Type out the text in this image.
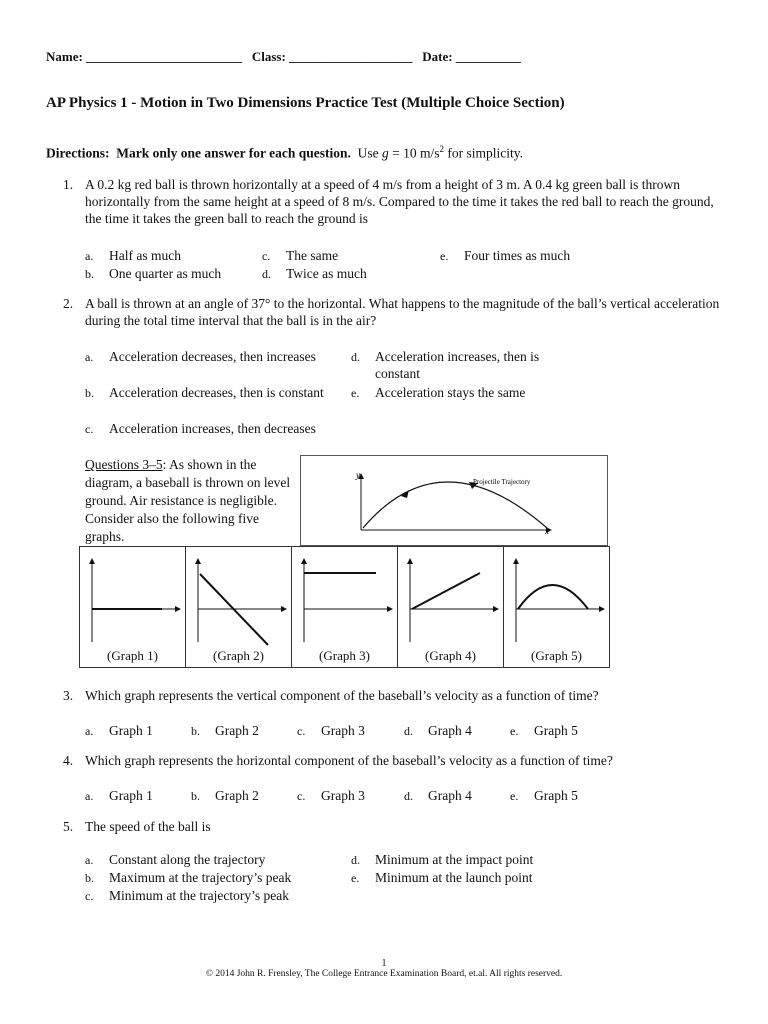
Name: ________________________ Class: ___________________ Date: __________
AP Physics 1 - Motion in Two Dimensions Practice Test (Multiple Choice Section)
Directions: Mark only one answer for each question. Use g = 10 $m/s^2$ for simplicity.
1. A 0.2 kg red ball is thrown horizontally at a speed of 4 m/s from a height of 3 m. A 0.4 kg green ball is thrown horizontally from the same height at a speed of 8 m/s. Compared to the time it takes the red ball to reach the ground, the time it takes the green ball to reach the ground is
a. Half as much
b. One quarter as much
c. The same
d. Twice as much
e. Four times as much
2. A ball is thrown at an angle of 37° to the horizontal. What happens to the magnitude of the ball’s vertical acceleration during the total time interval that the ball is in the air?
a. Acceleration decreases, then increases
b. Acceleration decreases, then is constant
c. Acceleration increases, then decreases
d. Acceleration increases, then is constant
e. Acceleration stays the same
Questions 3–5: As shown in the diagram, a baseball is thrown on level ground. Air resistance is negligible. Consider also the following five graphs.
y
x
Projectile Trajectory
(Graph 1)	(Graph 2)	(Graph 3)	(Graph 4)	(Graph 5)
3. Which graph represents the vertical component of the baseball’s velocity as a function of time?
a. Graph 1	b. Graph 2	c. Graph 3	d. Graph 4	e. Graph 5
4. Which graph represents the horizontal component of the baseball’s velocity as a function of time?
a. Graph 1	b. Graph 2	c. Graph 3	d. Graph 4	e. Graph 5
5. The speed of the ball is
a. Constant along the trajectory
b. Maximum at the trajectory’s peak
c. Minimum at the trajectory’s peak
d. Minimum at the impact point
e. Minimum at the launch point
1
© 2014 John R. Frensley, The College Entrance Examination Board, et.al. All rights reserved.
